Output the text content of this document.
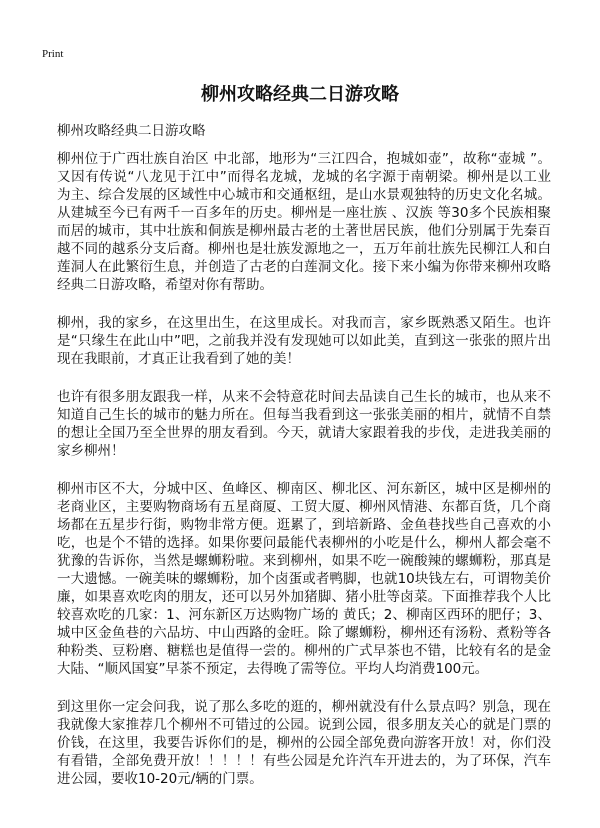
Print
柳州攻略经典二日游攻略
柳州攻略经典二日游攻略
柳州位于广西壮族自治区 中北部，地形为“三江四合，抱城如壶”，故称“壶城 ”。
又因有传说“八龙见于江中”而得名龙城，龙城的名字源于南朝梁。柳州是以工业
为主、综合发展的区域性中心城市和交通枢纽，是山水景观独特的历史文化名城。
从建城至今已有两千一百多年的历史。柳州是一座壮族 、汉族 等30多个民族相聚
而居的城市，其中壮族和侗族是柳州最古老的土著世居民族，他们分别属于先秦百
越不同的越系分支后裔。柳州也是壮族发源地之一，五万年前壮族先民柳江人和白
莲洞人在此繁衍生息，并创造了古老的白莲洞文化。接下来小编为你带来柳州攻略
经典二日游攻略，希望对你有帮助。
柳州，我的家乡，在这里出生，在这里成长。对我而言，家乡既熟悉又陌生。也许
是“只缘生在此山中”吧，之前我并没有发现她可以如此美，直到这一张张的照片出
现在我眼前，才真正让我看到了她的美！
也许有很多朋友跟我一样，从来不会特意花时间去品读自己生长的城市，也从来不
知道自己生长的城市的魅力所在。但每当我看到这一张张美丽的相片，就情不自禁
的想让全国乃至全世界的朋友看到。今天，就请大家跟着我的步伐，走进我美丽的
家乡柳州！
柳州市区不大，分城中区、鱼峰区、柳南区、柳北区、河东新区，城中区是柳州的
老商业区，主要购物商场有五星商厦、工贸大厦、柳州风情港、东都百货，几个商
场都在五星步行街，购物非常方便。逛累了，到培新路、金鱼巷找些自己喜欢的小
吃，也是个不错的选择。如果你要问最能代表柳州的小吃是什么，柳州人都会毫不
犹豫的告诉你，当然是螺蛳粉啦。来到柳州，如果不吃一碗酸辣的螺蛳粉，那真是
一大遗憾。一碗美味的螺蛳粉，加个卤蛋或者鸭脚，也就10块钱左右，可谓物美价
廉，如果喜欢吃肉的朋友，还可以另外加猪脚、猪小肚等卤菜。下面推荐我个人比
较喜欢吃的几家：1、河东新区万达购物广场的 黄氏；2、柳南区西环的肥仔；3、
城中区金鱼巷的六品坊、中山西路的金旺。除了螺蛳粉，柳州还有汤粉、煮粉等各
种粉类、豆粉磨、糖糕也是值得一尝的。柳州的广式早茶也不错，比较有名的是金
大陆、“顺风国宴”早茶不预定，去得晚了需等位。平均人均消费100元。
到这里你一定会问我，说了那么多吃的逛的，柳州就没有什么景点吗？别急，现在
我就像大家推荐几个柳州不可错过的公园。说到公园，很多朋友关心的就是门票的
价钱，在这里，我要告诉你们的是，柳州的公园全部免费向游客开放！对，你们没
有看错，全部免费开放！！！！！有些公园是允许汽车开进去的，为了环保，汽车
进公园，要收10-20元/辆的门票。
